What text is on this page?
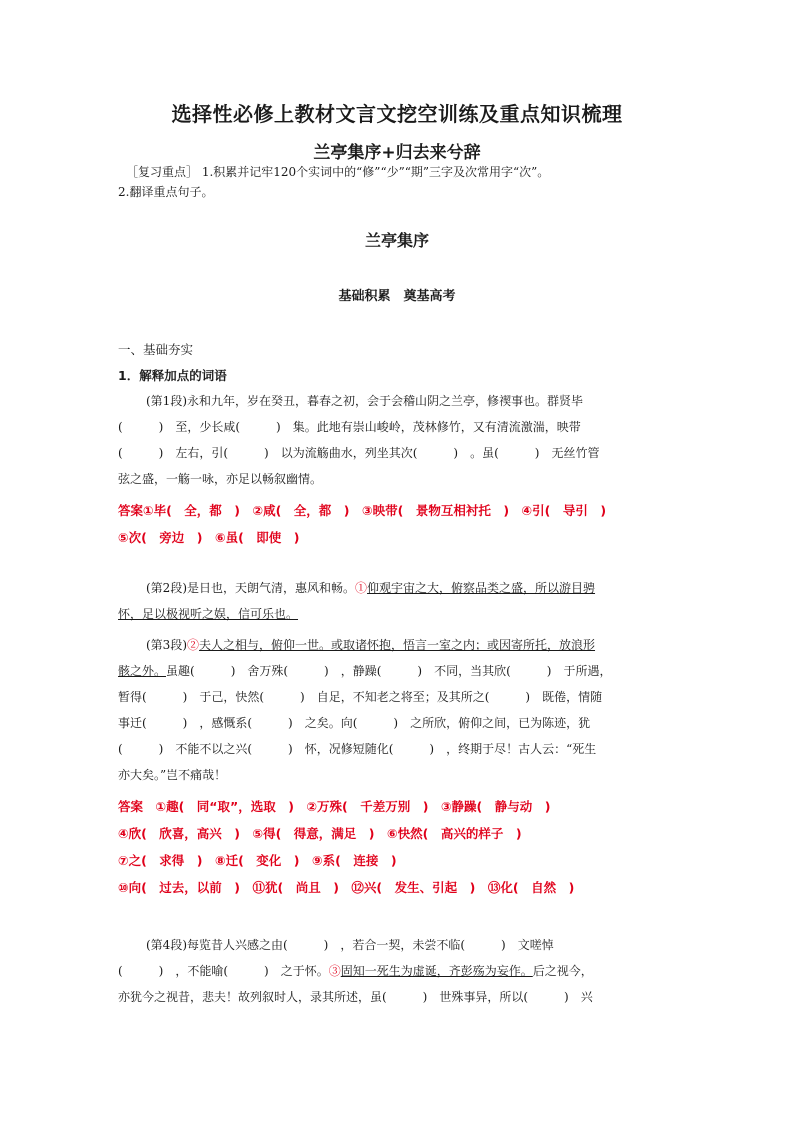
选择性必修上教材文言文挖空训练及重点知识梳理
兰亭集序+归去来兮辞
［复习重点］ 1.积累并记牢120个实词中的“修”“少”“期”三字及次常用字“次”。
2.翻译重点句子。
兰亭集序
基础积累　奠基高考
一、基础夯实
1．解释加点的词语
(第1段)永和九年，岁在癸丑，暮春之初，会于会稽山阴之兰亭，修禊事也。群贤毕
(　　　)　至，少长咸(　　　)　集。此地有崇山峻岭，茂林修竹，又有清流激湍，映带
(　　　)　左右，引(　　　)　以为流觞曲水，列坐其次(　　　)　。虽(　　　)　无丝竹管
弦之盛，一觞一咏，亦足以畅叙幽情。
答案①毕(　全，都　)　②咸(　全，都　)　③映带(　景物互相衬托　)　④引(　导引　)
⑤次(　旁边　)　⑥虽(　即使　)
(第2段)是日也，天朗气清，惠风和畅。①仰观宇宙之大，俯察品类之盛，所以游目骋
怀，足以极视听之娱，信可乐也。
(第3段)②夫人之相与，俯仰一世。或取诸怀抱，悟言一室之内；或因寄所托，放浪形
骸之外。虽趣(　　　)　舍万殊(　　　)　，静躁(　　　)　不同，当其欣(　　　)　于所遇，
暂得(　　　)　于己，快然(　　　)　自足，不知老之将至；及其所之(　　　)　既倦，情随
事迁(　　　)　，感慨系(　　　)　之矣。向(　　　)　之所欣，俯仰之间，已为陈迹，犹
(　　　)　不能不以之兴(　　　)　怀，况修短随化(　　　)　，终期于尽！古人云：“死生
亦大矣。”岂不痛哉！
答案　①趣(　同“取”，选取　)　②万殊(　千差万别　)　③静躁(　静与动　)
④欣(　欣喜，高兴　)　⑤得(　得意，满足　)　⑥快然(　高兴的样子　)
⑦之(　求得　)　⑧迁(　变化　)　⑨系(　连接　)
⑩向(　过去，以前　)　⑪犹(　尚且　)　⑫兴(　发生、引起　)　⑬化(　自然　)
(第4段)每览昔人兴感之由(　　　)　，若合一契，未尝不临(　　　)　文嗟悼
(　　　)　，不能喻(　　　)　之于怀。③固知一死生为虚诞，齐彭殇为妄作。后之视今，
亦犹今之视昔，悲夫！故列叙时人，录其所述，虽(　　　)　世殊事异，所以(　　　)　兴
